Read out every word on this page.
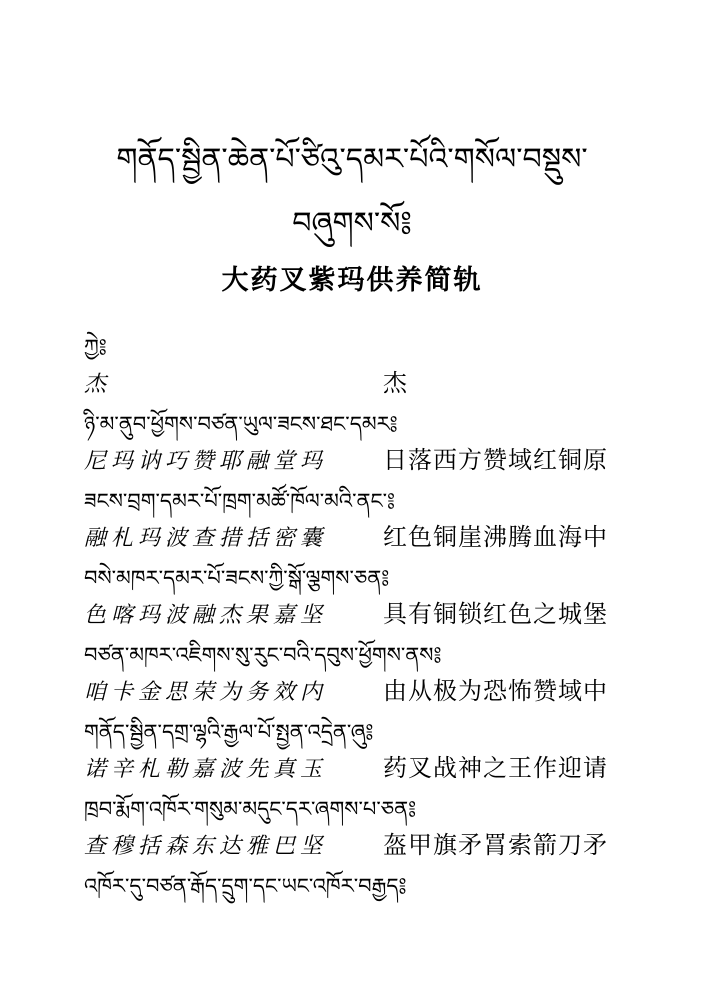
གནོད་སྦྱིན་ཆེན་པོ་ཙིའུ་དམར་པོའི་གསོལ་བསྡུས་
བཞུགས་སོ༔
大药叉紫玛供养简轨
ཀྱེ༔
杰	杰
ཉི་མ་ནུབ་ཕྱོགས་བཙན་ཡུལ་ཟངས་ཐང་དམར༔
尼玛讷巧赞耶融堂玛	日落西方赞域红铜原
ཟངས་བྲག་དམར་པོ་ཁྲག་མཚོ་ཁོལ་མའི་ནང་༔
融札玛波查措括密囊	红色铜崖沸腾血海中
བསེ་མཁར་དམར་པོ་ཟངས་ཀྱི་སྒོ་ལྕགས་ཅན༔
色喀玛波融杰果嘉坚	具有铜锁红色之城堡
བཙན་མཁར་འཇིགས་སུ་རུང་བའི་དབུས་ཕྱོགས་ནས༔
咱卡金思荣为务效内	由从极为恐怖赞域中
གནོད་སྦྱིན་དགྲ་ལྷའི་རྒྱལ་པོ་སྤྱན་འདྲེན་ཞུ༔
诺辛札勒嘉波先真玉	药叉战神之王作迎请
ཁྲབ་རྨོག་འཁོར་གསུམ་མདུང་དར་ཞགས་པ་ཅན༔
查穆括森东达雅巴坚	盔甲旗矛罥索箭刀矛
འཁོར་དུ་བཙན་རྒོད་དྲུག་དང་ཡང་འཁོར་བརྒྱད༔
